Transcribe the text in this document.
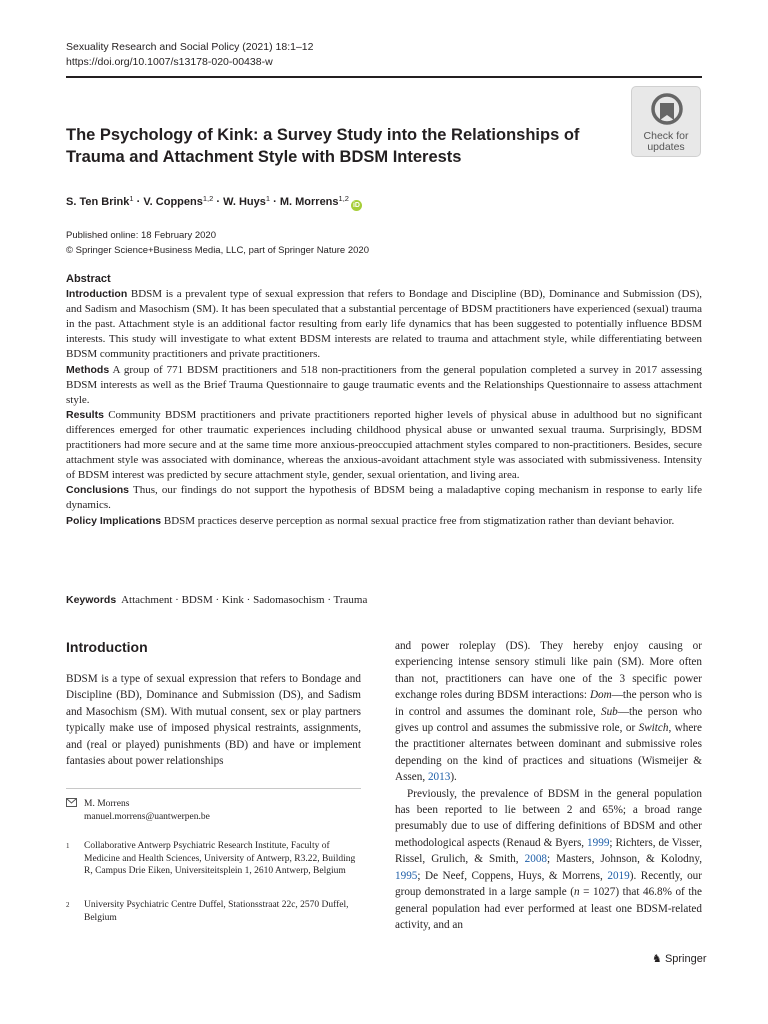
Sexuality Research and Social Policy (2021) 18:1–12
https://doi.org/10.1007/s13178-020-00438-w
Check for
updates
The Psychology of Kink: a Survey Study into the Relationships of Trauma and Attachment Style with BDSM Interests
S. Ten Brink$^1$ · V. Coppens$^{1,2}$ · W. Huys$^1$ · M. Morrens$^{1,2}$iD
Published online: 18 February 2020
© Springer Science+Business Media, LLC, part of Springer Nature 2020
Abstract

Introduction BDSM is a prevalent type of sexual expression that refers to Bondage and Discipline (BD), Dominance and Submission (DS), and Sadism and Masochism (SM). It has been speculated that a substantial percentage of BDSM practitioners have experienced (sexual) trauma in the past. Attachment style is an additional factor resulting from early life dynamics that has been suggested to potentially influence BDSM interests. This study will investigate to what extent BDSM interests are related to trauma and attachment style, while differentiating between BDSM community practitioners and private practitioners.

Methods A group of 771 BDSM practitioners and 518 non-practitioners from the general population completed a survey in 2017 assessing BDSM interests as well as the Brief Trauma Questionnaire to gauge traumatic events and the Relationships Questionnaire to assess attachment style.

Results Community BDSM practitioners and private practitioners reported higher levels of physical abuse in adulthood but no significant differences emerged for other traumatic experiences including childhood physical abuse or unwanted sexual trauma. Surprisingly, BDSM practitioners had more secure and at the same time more anxious-preoccupied attachment styles compared to non-practitioners. Besides, secure attachment style was associated with dominance, whereas the anxious-avoidant attachment style was associated with submissiveness. Intensity of BDSM interest was predicted by secure attachment style, gender, sexual orientation, and living area.

Conclusions Thus, our findings do not support the hypothesis of BDSM being a maladaptive coping mechanism in response to early life dynamics.

Policy Implications BDSM practices deserve perception as normal sexual practice free from stigmatization rather than deviant behavior.

Keywords Attachment · BDSM · Kink · Sadomasochism · Trauma
Introduction

BDSM is a type of sexual expression that refers to Bondage and Discipline (BD), Dominance and Submission (DS), and Sadism and Masochism (SM). With mutual consent, sex or play partners typically make use of imposed physical restraints, assignments, and (real or played) punishments (BD) and have or implement fantasies about power relationships

M. Morrens
manuel.morrens@uantwerpen.be
1 Collaborative Antwerp Psychiatric Research Institute, Faculty of Medicine and Health Sciences, University of Antwerp, R3.22, Building R, Campus Drie Eiken, Universiteitsplein 1, 2610 Antwerp, Belgium
2 University Psychiatric Centre Duffel, Stationsstraat 22c, 2570 Duffel, Belgium

and power roleplay (DS). They hereby enjoy causing or experiencing intense sensory stimuli like pain (SM). More often than not, practitioners can have one of the 3 specific power exchange roles during BDSM interactions: Dom—the person who is in control and assumes the dominant role, Sub—the person who gives up control and assumes the submissive role, or Switch, where the practitioner alternates between dominant and submissive roles depending on the kind of practices and situations (Wismeijer & Assen, 2013).

Previously, the prevalence of BDSM in the general population has been reported to lie between 2 and 65%; a broad range presumably due to use of differing definitions of BDSM and other methodological aspects (Renaud & Byers, 1999; Richters, de Visser, Rissel, Grulich, & Smith, 2008; Masters, Johnson, & Kolodny, 1995; De Neef, Coppens, Huys, & Morrens, 2019). Recently, our group demonstrated in a large sample (n = 1027) that 46.8% of the general population had ever performed at least one BDSM-related activity, and an

♞ Springer
